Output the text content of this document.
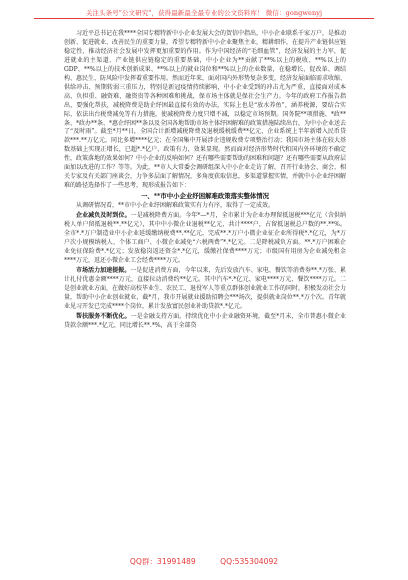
关注头条号"公文研究"，获得最新最全最专业的公文资料库！ 微信：gongwenyj

习近平总书记在我****全国专精特新中小企业发展大会的贺信中指出，中小企业联系千家万户，是推动创新、促进就业、改善民生的重要力量，希望专精特新中小企业聚焦主业，精耕细作，在提升产业链供应链稳定性、推动经济社会发展中发挥更加重要的作用。作为中国经济的“毛细血管”，经济发展的主力军，促进就业的主渠道、产业链供应链稳定的重要基础，中小企业为**贡献了**%以上的税收、**%以上的GDP、**%以上的技术创新成果、**%以上的就业岗位和**%以上的企业数量，在稳增长、促改革、调结构、惠民生、防风险中发挥着重要作用。然而近年来，面对国内外形势复杂多变，经济发展面临需求收缩、供给冲击、预期转弱三重压力，特别是新冠疫情持续影响，中小企业受到的冲击尤为严重，直接面对成本高、负担重、融资难、融资贵等各种困难和挑战，保市场主体就是保社会生产力。今年的政府工作报告指出，要强化帮扶，减税降费是助企纾困最直接有效的办法，实际上也是“放水养鱼”，涵养税源，要结合实际，依法出台税费减免等有力措施，使减税降费力度只增不减，以稳定市场预期。国务院**项措施、*政**条、*政办**条、*惠企纾困**条以及全国各地帮助市场主体纾困解难的政策措施陆续出台，为中小企业送去了“及时雨”。截至*月**日，全国合计新增减税降费及退税缓税缓费**亿元，企业系统上半年新增入民币贷款***.**万亿元，同比多增****亿元；在全国集中开展涉企违规收费专项整治行动；我国市场主体在较大基数基础上实现正增长，已超*.*亿户，政策有力，效果显现。然而面对经济形势时代和国内外环境的不确定性，政策落地的效果如何？中小企业的反响如何？还有哪些需要帮助的困难和问题？还有哪些需要从政府层面加以改进的工作？等等。为此，**市人大常委会调研组深入中小企业走访了解，召开行业协会、商会、相关专家及有关部门座谈会，力争多层面了解情况，多角度获取信息，多渠道掌握实情，并就中小企业纾困解难的路径选择作了一些思考，现形成报告如下：

一、**市中小企业纾困解难政策落实整体情况

从调研情况看，**市中小企业纾困解难政策实有力有序，取得了一定成效。

企业减负及时到位。一是减税降费方面。今年*—*月，全市累计为企业办理留抵退税***亿元（含供纳税人单户留抵退税**.**亿元），其中中小微企业退税**亿元，共计****户，占留抵退税总户数的**.**%。全市*.*万户制造业中小企业延缓缴纳税费**.**亿元，完成**.*万户小微企业征企业所得税*.*亿元，为*万户次小规模纳税人、个体工商户、小微企业减免“六税两费”*.*亿元。二是降税减负方面。**.*万户困难企业免征保险费*.*亿元；发放稳岗返还资金*.*亿元，缓缴社保费****万元；市级国有用房为企业减免租金****万元，返还小微企业工会经费****万元。

市场活力加速提振。一是促进消费方面，今年以来，先后发放汽车、家电、餐饮等消费券**.*万张、累计扎付优惠金额****万元，直接拉动消费约**亿元。其中汽车*.*亿元、家电****万元、餐饮****万元。二是创业就业方面，在做好高校毕业生、农民工、退役军人等重点群体创业就业工作的同时，积极发动社会力量，帮助中小企业创业就业，截*月，我市开展就业援助招聘会***场次，提供就业岗位**.*万个次。青年就业见习开发已完成****个岗位，累计发放富民创业补助贷款*.*亿元。

帮扶服务不断优化。一是金融支持方面，持续优化中小企业融资环境，截至*月末，全市普惠小微企业贷款余额***.*亿元，同比增长**.*%，高于全部贷

QQ群：31991489	QQ:535304092
